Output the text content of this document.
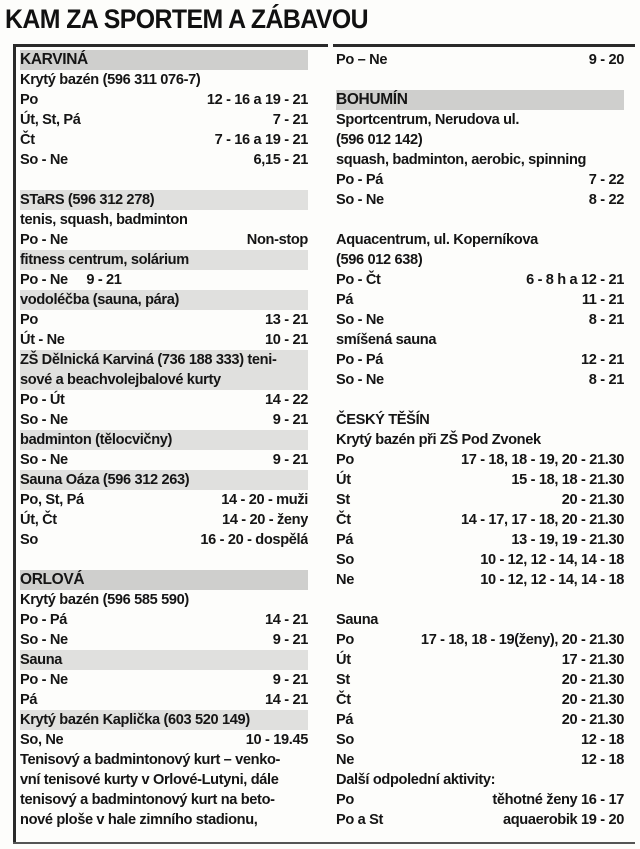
KAM ZA SPORTEM A ZÁBAVOU
KARVINÁ
Krytý bazén (596 311 076-7)
Po	12 - 16 a 19 - 21
Út, St, Pá	7 - 21
Čt	7 - 16 a 19 - 21
So - Ne	6,15 - 21
STaRS (596 312 278)
tenis, squash, badminton
Po - Ne	Non-stop
fitness centrum, solárium
Po - Ne     9 - 21
vodoléčba (sauna, pára)
Po	13 - 21
Út - Ne	10 - 21
ZŠ Dělnická Karviná (736 188 333) teni-
sové a beachvolejbalové kurty
Po - Út	14 - 22
So - Ne	9 - 21
badminton (tělocvičny)
So - Ne	9 - 21
Sauna Oáza (596 312 263)
Po, St, Pá	14 - 20 - muži
Út, Čt	14 - 20 - ženy
So	16 - 20 - dospělá
ORLOVÁ
Krytý bazén (596 585 590)
Po - Pá	14 - 21
So - Ne	9 - 21
Sauna
Po - Ne	9 - 21
Pá	14 - 21
Krytý bazén Kaplička (603 520 149)
So, Ne	10 - 19.45
Tenisový a badmintonový kurt – venko-
vní tenisové kurty v Orlové-Lutyni, dále
tenisový a badmintonový kurt na beto-
nové ploše v hale zimního stadionu,
Po – Ne	9 - 20
BOHUMÍN
Sportcentrum, Nerudova ul.
(596 012 142)
squash, badminton, aerobic, spinning
Po - Pá	7 - 22
So - Ne	8 - 22
Aquacentrum, ul. Koperníkova
(596 012 638)
Po - Čt	6 - 8 h a 12 - 21
Pá	11 - 21
So - Ne	8 - 21
smíšená sauna
Po - Pá	12 - 21
So - Ne	8 - 21
ČESKÝ TĚŠÍN
Krytý bazén při ZŠ Pod Zvonek
Po	17 - 18, 18 - 19, 20 - 21.30
Út	15 - 18, 18 - 21.30
St	20 - 21.30
Čt	14 - 17, 17 - 18, 20 - 21.30
Pá	13 - 19, 19 - 21.30
So	10 - 12, 12 - 14, 14 - 18
Ne	10 - 12, 12 - 14, 14 - 18
Sauna
Po	17 - 18, 18 - 19(ženy), 20 - 21.30
Út	17 - 21.30
St	20 - 21.30
Čt	20 - 21.30
Pá	20 - 21.30
So	12 - 18
Ne	12 - 18
Další odpolední aktivity:
Po	těhotné ženy 16 - 17
Po a St	aquaerobik 19 - 20
